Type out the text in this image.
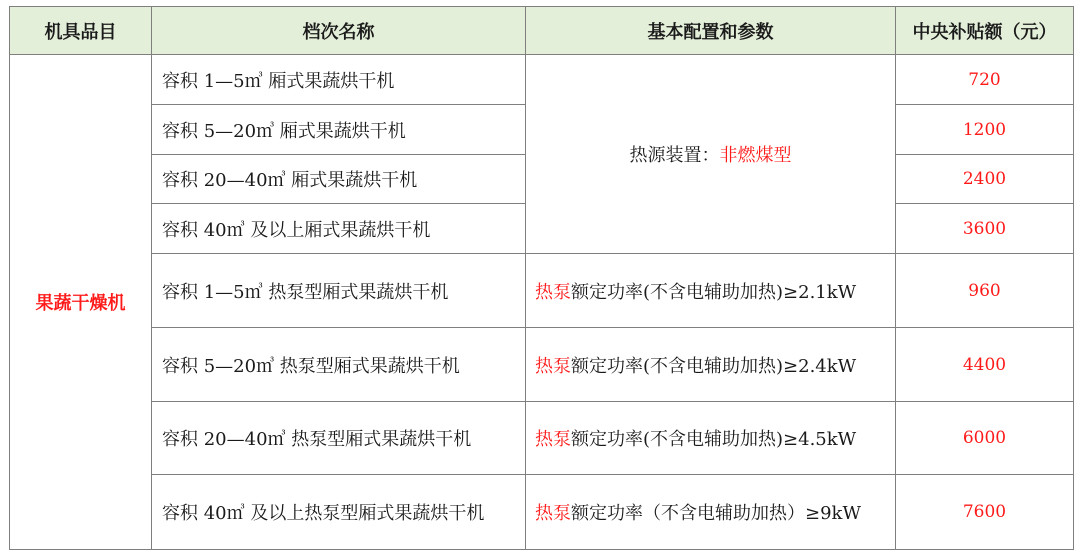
机具品目	档次名称	基本配置和参数	中央补贴额（元）
果蔬干燥机	容积 1—5㎥ 厢式果蔬烘干机	热源装置：非燃煤型	720
	容积 5—20㎥ 厢式果蔬烘干机		1200
	容积 20—40㎥ 厢式果蔬烘干机		2400
	容积 40㎥ 及以上厢式果蔬烘干机		3600
	容积 1—5㎥ 热泵型厢式果蔬烘干机	热泵额定功率(不含电辅助加热)≥2.1kW	960
	容积 5—20㎥ 热泵型厢式果蔬烘干机	热泵额定功率(不含电辅助加热)≥2.4kW	4400
	容积 20—40㎥ 热泵型厢式果蔬烘干机	热泵额定功率(不含电辅助加热)≥4.5kW	6000
	容积 40㎥ 及以上热泵型厢式果蔬烘干机	热泵额定功率（不含电辅助加热）≥9kW	7600
